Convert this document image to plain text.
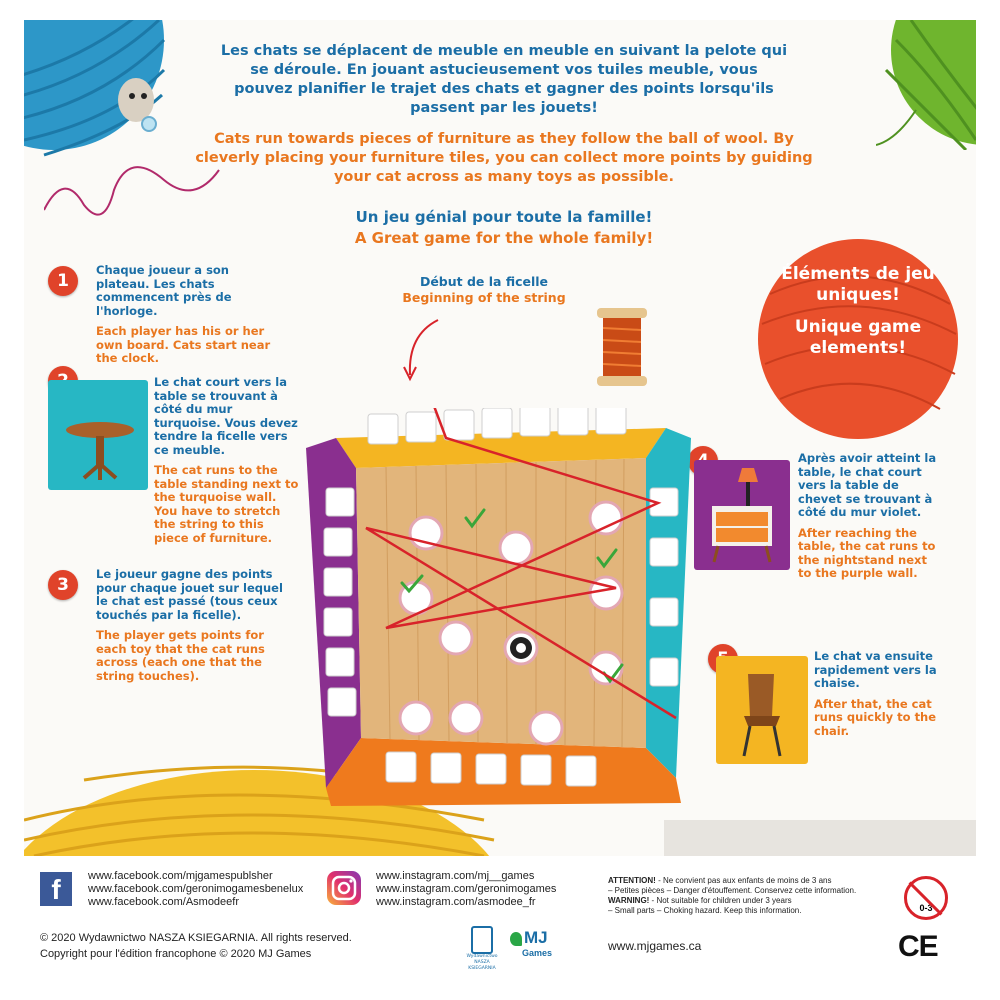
Les chats se déplacent de meuble en meuble en suivant la pelote qui se déroule. En jouant astucieusement vos tuiles meuble, vous pouvez planifier le trajet des chats et gagner des points lorsqu'ils passent par les jouets!
Cats run towards pieces of furniture as they follow the ball of wool. By cleverly placing your furniture tiles, you can collect more points by guiding your cat across as many toys as possible.
Un jeu génial pour toute la famille!
A Great game for the whole family!
Éléments de jeu uniques!
Unique game elements!
Début de la ficelle
Beginning of the string
1

Chaque joueur a son plateau. Les chats commencent près de l'horloge.

Each player has his or her own board. Cats start near the clock.

Le chat court vers la table se trouvant à côté du mur turquoise. Vous devez tendre la ficelle vers ce meuble.

The cat runs to the table standing next to the turquoise wall. You have to stretch the string to this piece of furniture.

3

Le joueur gagne des points pour chaque jouet sur lequel le chat est passé (tous ceux touchés par la ficelle).

The player gets points for each toy that the cat runs across (each one that the string touches).

Après avoir atteint la table, le chat court vers la table de chevet se trouvant à côté du mur violet.

After reaching the table, the cat runs to the nightstand next to the purple wall.

Le chat va ensuite rapidement vers la chaise.

After that, the cat runs quickly to the chair.

f	www.facebook.com/mjgamespublsher
www.facebook.com/geronimogamesbenelux
www.facebook.com/Asmodeefr
www.instagram.com/mj__games
www.instagram.com/geronimogames
www.instagram.com/asmodee_fr
ATTENTION! - Ne convient pas aux enfants de moins de 3 ans
– Petites pièces – Danger d'étouffement. Conservez cette information.
WARNING! - Not suitable for children under 3 years
– Small parts – Choking hazard. Keep this information.	0-3
© 2020 Wydawnictwo NASZA KSIEGARNIA. All rights reserved.
Copyright pour l'édition francophone © 2020 MJ Games	Wydawnictwo NASZA KSIEGARNIA
MJ
Games	www.mjgames.ca	CE
